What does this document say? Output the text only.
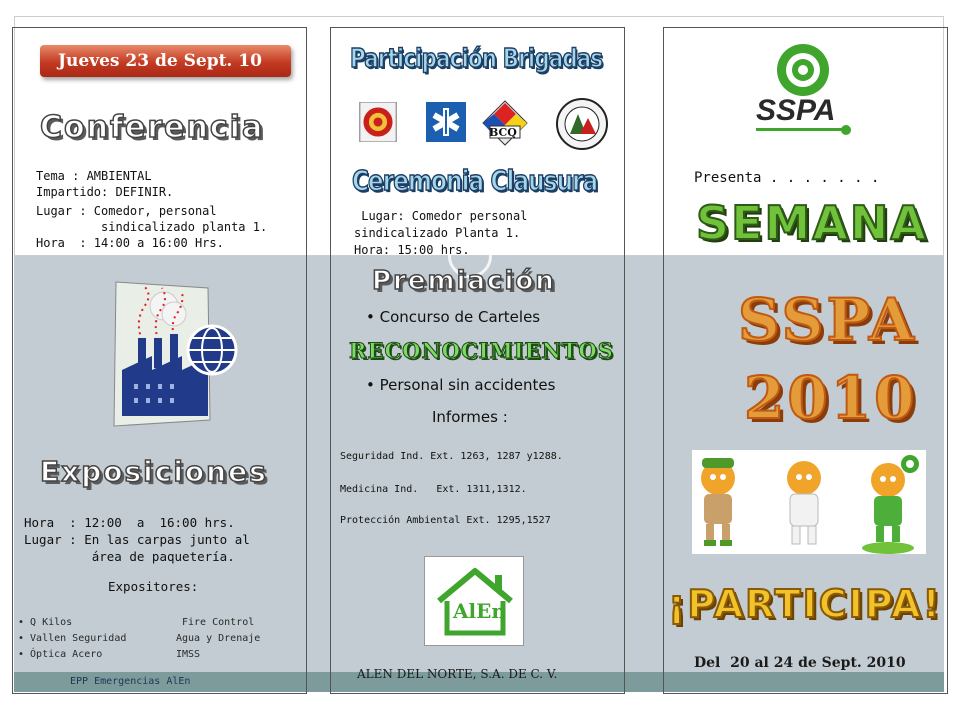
Jueves 23 de Sept. 10
Conferencia
Tema : AMBIENTAL
Impartido: DEFINIR.
Lugar : Comedor, personal
sindicalizado planta 1.
Hora  : 14:00 a 16:00 Hrs.
Exposiciones
Hora  : 12:00  a  16:00 hrs.
Lugar : En las carpas junto al
área de paquetería.
Expositores:
• Q Kilos
• Vallen Seguridad
• Óptica Acero
Fire Control
Agua y Drenaje
IMSS
EPP Emergencias AlEn
Participación Brigadas
BCQ
Ceremonia Clausura
Lugar: Comedor personal
sindicalizado Planta 1.
Hora: 15:00 hrs.
Premiación
• Concurso de Carteles
RECONOCIMIENTOS
• Personal sin accidentes
Informes :
Seguridad Ind. Ext. 1263, 1287 y1288.
Medicina Ind.   Ext. 1311,1312.
Protección Ambiental Ext. 1295,1527
AlEn
ALEN DEL NORTE, S.A. DE C. V.
SSPA
Presenta . . . . . . .
SEMANA
SSPA
2010
¡PARTICIPA!
Del  20 al 24 de Sept. 2010
